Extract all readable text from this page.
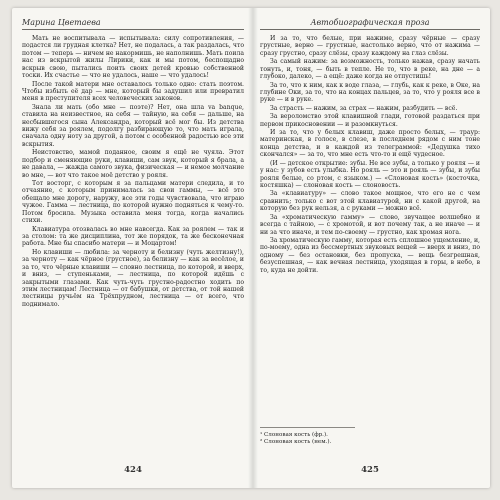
Марина Цветаева

Мать не воспитывала — испытывала: силу сопротивления, — подастся ли грудная клетка? Нет, не подалась, а так раздалась, что потом — теперь — ничем не накормишь, не наполнишь. Мать поила нас из вскрытой жилы Лирики, как и мы потом, беспощадно вскрыв свою, пытались поить своих детей кровью собственной тоски. Их счастье — что не удалось, наше — что удалось!

После такой матери мне оставалось только одно: стать поэтом. Чтобы избыть её дар — мне, который бы задушил или превратил меня в преступителя всех человеческих законов.

Знала ли мать (обо мне — поэте)? Нет, она шла va banque, ставила на неизвестное, на себя — тайную, на себя — дальше, на несбывшегося сына Александра, который всё мог бы. Из детства вижу себя за роялем, подолгу разбирающую то, что мать играла, сначала одну ноту за другой, а потом с особенной радостью все эти вскрытия.

Неистовство, мамой поданное, своим я ещё не чуяла. Этот подбор и сменяющие руки, клавиши, сам звук, который я брала, а не давала, — жажда самого звука, физическая — и немое молчание во мне, — вот что такое моё детство у рояля.

Тот восторг, с которым я за пальцами матери следила, и то отчаяние, с которым принималась за свои гаммы, — всё это обещало мне дорогу, наружу, все эти годы чувствовала, что играю чужое. Гамма — лестница, по которой нужно подняться к чему-то. Потом бросила. Музыка оставила меня тогда, когда начались стихи.

Клавиатура отозвалась во мне навсегда. Как за роялем — так и за столом: та же дисциплина, тот же порядок, та же бесконечная работа. Мне бы спасибо матери — и Моцартом!

Но клавиши — любила: за черноту и белизну (чуть желтизну!), за черноту — как чёрное (грустное), за белизну — как за весёлое, и за то, что чёрные клавиши — словно лестница, по которой, и вверх, и вниз, — ступеньками, — лестница, по которой идёшь с закрытыми глазами. Как чуть-чуть грустно-радостно ходить по этим лестницам! Лестница — от бабушки, от детства, от той нашей лестницы ручьём на Трёхпрудном, лестница — от всего, что поднимало.

424
Автобиографическая проза

И за то, что белые, при нажиме, сразу чёрные — сразу грустные, верно — грустные, настолько верно, что от нажима — сразу грустно, сразу слёзы, сразу каждому на глаз слёзы.

За самый нажим: за возможность, только нажав, сразу начать тонуть, и, тоня, — быть в тепле. Не то, что в реке, на дне — а глубоко, далеко, — а ещё: даже когда не отпустишь!

За то, что к ним, как к воде глаза, — глубь, как к реке, в Оке, на глубине Оки, за то, что на концах пальцев, за то, что у рояля все в руке — и в руке.

За страсть — нажим, за страх — нажим, разбудить — всё.

За вероломство этой клавишной глади, готовой раздаться при первом прикосновении — и разомкнуться.

И за то, что у белых клавиш, даже просто белых, — траур: материнская, в голосе, в слезе, в последнем рядом с ним тоне конца детства, и в каждой из телеграммой: «Дедушка тихо скончался» — за то, что мне есть что-то и ещё чудесное.

(И — детское открытие: зубы. Не все зубы, а только у рояля — и у нас: у зубов есть улыбка. Но рояль — это и рояль — зубы, и зубы рояля белые, со ртом, с языком.) — «Слоновая кость» (косточка, костяшка) — слоновая кость — слоновость.

За «клавиатуру» — слово такое мощное, что его не с чем сравнить; только с вот этой клавиатурой, ни с какой другой, на которую без рук нельзя, а с руками — можно всё.

За «хроматическую гамму» — слово, звучащее волшебно и всегда с тайною, — с хромотой, и вот почему так, а не иначе — и ни за что иначе, и тем по-своему — грустно, как хромая нога.

За хроматическую гамму, которая есть сплошное ущемление, и, по-моему, одна из бессмертных звуковых вещей — вверх и вниз, по одному — без остановки, без пропуска, — вещь безгрешная, безуспешная, — как вечная лестница, уходящая в горы, в небо, в то, куда не дойти.

¹ Слоновая кость (фр.).
² Слоновая кость (нем.).
425
